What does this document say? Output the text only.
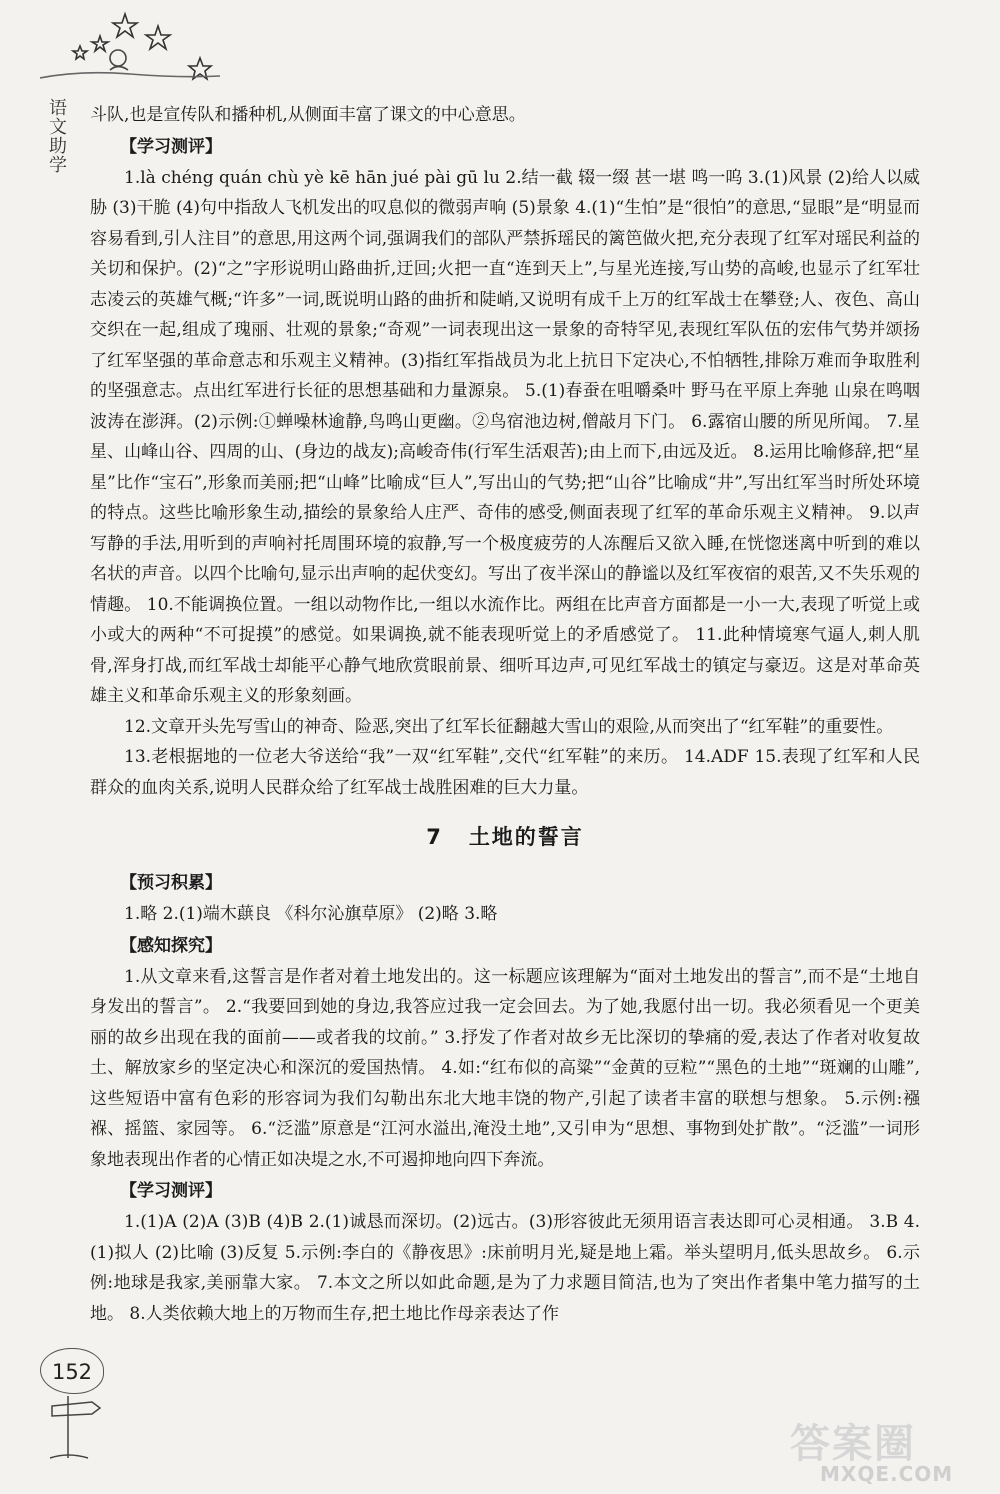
语文助学 斗队,也是宣传队和播种机,从侧面丰富了课文的中心意思。

【学习测评】

1.là chéng quán chù yè kē hān jué pài gū lu 2.结一截 辍一缀 甚一堪 鸣一呜 3.(1)风景 (2)给人以威胁 (3)干脆 (4)句中指敌人飞机发出的叹息似的微弱声响 (5)景象 4.(1)“生怕”是“很怕”的意思,“显眼”是“明显而容易看到,引人注目”的意思,用这两个词,强调我们的部队严禁拆瑶民的篱笆做火把,充分表现了红军对瑶民利益的关切和保护。(2)“之”字形说明山路曲折,迂回;火把一直“连到天上”,与星光连接,写山势的高峻,也显示了红军壮志凌云的英雄气概;“许多”一词,既说明山路的曲折和陡峭,又说明有成千上万的红军战士在攀登;人、夜色、高山交织在一起,组成了瑰丽、壮观的景象;“奇观”一词表现出这一景象的奇特罕见,表现红军队伍的宏伟气势并颂扬了红军坚强的革命意志和乐观主义精神。(3)指红军指战员为北上抗日下定决心,不怕牺牲,排除万难而争取胜利的坚强意志。点出红军进行长征的思想基础和力量源泉。 5.(1)春蚕在咀嚼桑叶 野马在平原上奔驰 山泉在鸣咽 波涛在澎湃。(2)示例:①蝉噪林逾静,鸟鸣山更幽。②鸟宿池边树,僧敲月下门。 6.露宿山腰的所见所闻。 7.星星、山峰山谷、四周的山、(身边的战友);高峻奇伟(行军生活艰苦);由上而下,由远及近。 8.运用比喻修辞,把“星星”比作“宝石”,形象而美丽;把“山峰”比喻成“巨人”,写出山的气势;把“山谷”比喻成“井”,写出红军当时所处环境的特点。这些比喻形象生动,描绘的景象给人庄严、奇伟的感受,侧面表现了红军的革命乐观主义精神。 9.以声写静的手法,用听到的声响衬托周围环境的寂静,写一个极度疲劳的人冻醒后又欲入睡,在恍惚迷离中听到的难以名状的声音。以四个比喻句,显示出声响的起伏变幻。写出了夜半深山的静谧以及红军夜宿的艰苦,又不失乐观的情趣。 10.不能调换位置。一组以动物作比,一组以水流作比。两组在比声音方面都是一小一大,表现了听觉上或小或大的两种“不可捉摸”的感觉。如果调换,就不能表现听觉上的矛盾感觉了。 11.此种情境寒气逼人,刺人肌骨,浑身打战,而红军战士却能平心静气地欣赏眼前景、细听耳边声,可见红军战士的镇定与豪迈。这是对革命英雄主义和革命乐观主义的形象刻画。

12.文章开头先写雪山的神奇、险恶,突出了红军长征翻越大雪山的艰险,从而突出了“红军鞋”的重要性。

13.老根据地的一位老大爷送给“我”一双“红军鞋”,交代“红军鞋”的来历。 14.ADF 15.表现了红军和人民群众的血肉关系,说明人民群众给了红军战士战胜困难的巨大力量。

7 土地的誓言

【预习积累】

1.略 2.(1)端木蕻良 《科尔沁旗草原》 (2)略 3.略

【感知探究】

1.从文章来看,这誓言是作者对着土地发出的。这一标题应该理解为“面对土地发出的誓言”,而不是“土地自身发出的誓言”。 2.“我要回到她的身边,我答应过我一定会回去。为了她,我愿付出一切。我必须看见一个更美丽的故乡出现在我的面前——或者我的坟前。” 3.抒发了作者对故乡无比深切的挚痛的爱,表达了作者对收复故土、解放家乡的坚定决心和深沉的爱国热情。 4.如:“红布似的高粱”“金黄的豆粒”“黑色的土地”“斑斓的山雕”,这些短语中富有色彩的形容词为我们勾勒出东北大地丰饶的物产,引起了读者丰富的联想与想象。 5.示例:襁褓、摇篮、家园等。 6.“泛滥”原意是“江河水溢出,淹没土地”,又引申为“思想、事物到处扩散”。“泛滥”一词形象地表现出作者的心情正如决堤之水,不可遏抑地向四下奔流。

【学习测评】

1.(1)A (2)A (3)B (4)B 2.(1)诚恳而深切。(2)远古。(3)形容彼此无须用语言表达即可心灵相通。 3.B 4.(1)拟人 (2)比喻 (3)反复 5.示例:李白的《静夜思》:床前明月光,疑是地上霜。举头望明月,低头思故乡。 6.示例:地球是我家,美丽靠大家。 7.本文之所以如此命题,是为了力求题目简洁,也为了突出作者集中笔力描写的土地。 8.人类依赖大地上的万物而生存,把土地比作母亲表达了作

152
答案圈
MXQE.COM
